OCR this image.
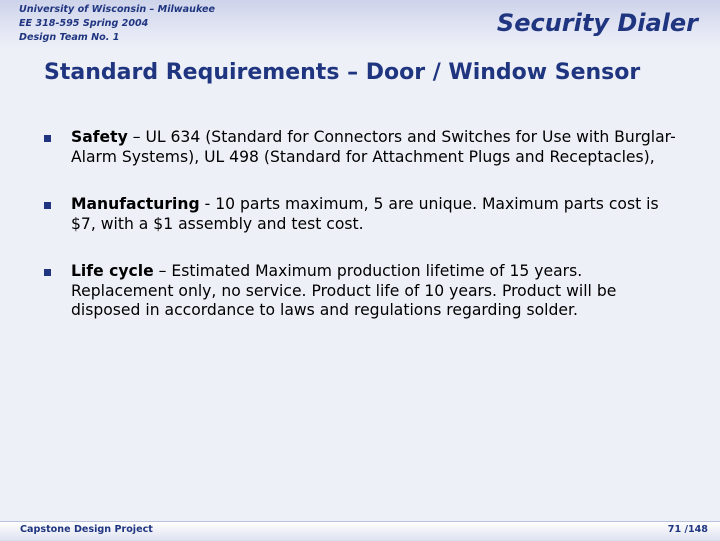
University of Wisconsin – Milwaukee
EE 318-595 Spring 2004
Design Team No. 1
Security Dialer
Standard Requirements – Door / Window Sensor
Safety – UL 634 (Standard for Connectors and Switches for Use with Burglar-Alarm Systems), UL 498 (Standard for Attachment Plugs and Receptacles),
Manufacturing - 10 parts maximum, 5 are unique. Maximum parts cost is $7, with a $1 assembly and test cost.
Life cycle – Estimated Maximum production lifetime of 15 years. Replacement only, no service. Product life of 10 years. Product will be disposed in accordance to laws and regulations regarding solder.
Capstone Design Project	71 /148
